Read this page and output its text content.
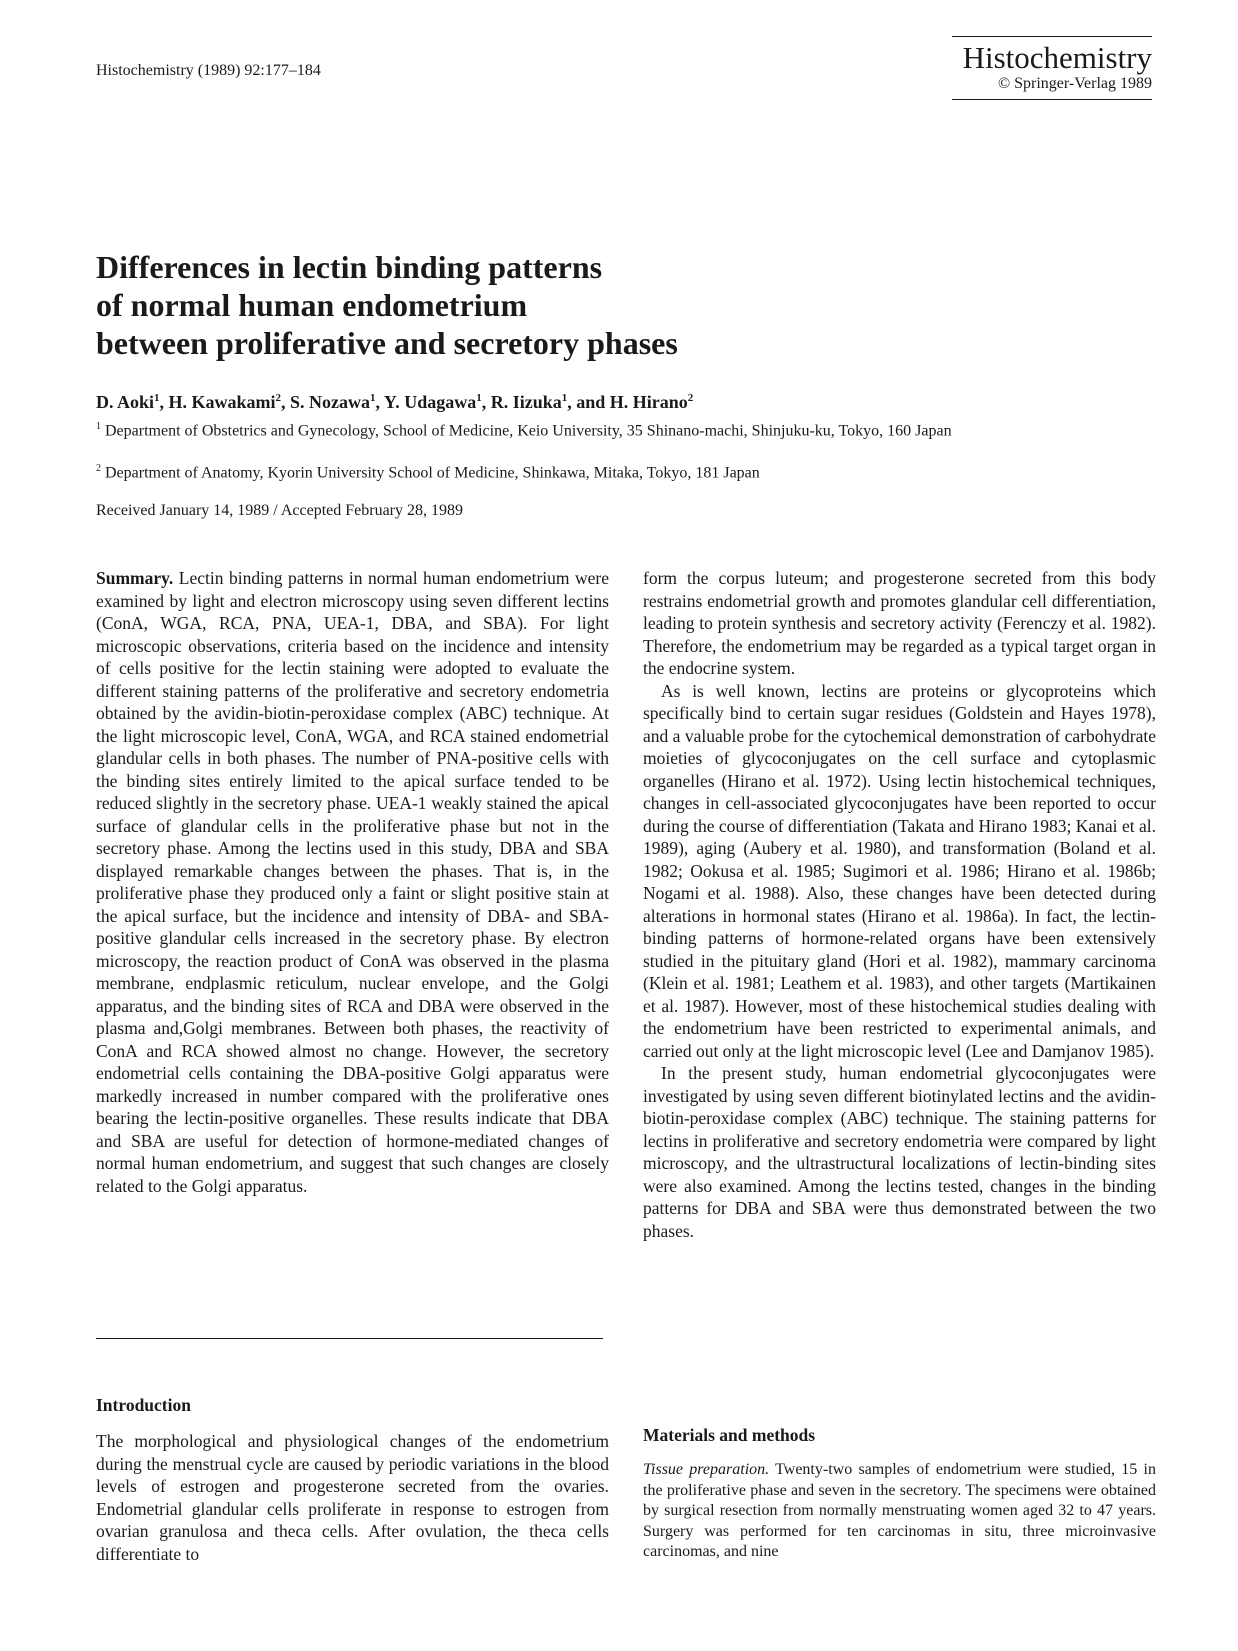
Histochemistry (1989) 92:177–184	Histochemistry
© Springer-Verlag 1989
Differences in lectin binding patterns
of normal human endometrium
between proliferative and secretory phases
D. Aoki$^1$, H. Kawakami$^2$, S. Nozawa$^1$, Y. Udagawa$^1$, R. Iizuka$^1$, and H. Hirano$^2$
$^1$ Department of Obstetrics and Gynecology, School of Medicine, Keio University, 35 Shinano-machi, Shinjuku-ku, Tokyo, 160 Japan
$^2$ Department of Anatomy, Kyorin University School of Medicine, Shinkawa, Mitaka, Tokyo, 181 Japan
Received January 14, 1989 / Accepted February 28, 1989

Summary. Lectin binding patterns in normal human endometrium were examined by light and electron microscopy using seven different lectins (ConA, WGA, RCA, PNA, UEA-1, DBA, and SBA). For light microscopic observations, criteria based on the incidence and intensity of cells positive for the lectin staining were adopted to evaluate the different staining patterns of the proliferative and secretory endometria obtained by the avidin-biotin-peroxidase complex (ABC) technique. At the light microscopic level, ConA, WGA, and RCA stained endometrial glandular cells in both phases. The number of PNA-positive cells with the binding sites entirely limited to the apical surface tended to be reduced slightly in the secretory phase. UEA-1 weakly stained the apical surface of glandular cells in the proliferative phase but not in the secretory phase. Among the lectins used in this study, DBA and SBA displayed remarkable changes between the phases. That is, in the proliferative phase they produced only a faint or slight positive stain at the apical surface, but the incidence and intensity of DBA- and SBA-positive glandular cells increased in the secretory phase. By electron microscopy, the reaction product of ConA was observed in the plasma membrane, endplasmic reticulum, nuclear envelope, and the Golgi apparatus, and the binding sites of RCA and DBA were observed in the plasma and,Golgi membranes. Between both phases, the reactivity of ConA and RCA showed almost no change. However, the secretory endometrial cells containing the DBA-positive Golgi apparatus were markedly increased in number compared with the proliferative ones bearing the lectin-positive organelles. These results indicate that DBA and SBA are useful for detection of hormone-mediated changes of normal human endometrium, and suggest that such changes are closely related to the Golgi apparatus.

Introduction

The morphological and physiological changes of the endometrium during the menstrual cycle are caused by periodic variations in the blood levels of estrogen and progesterone secreted from the ovaries. Endometrial glandular cells proliferate in response to estrogen from ovarian granulosa and theca cells. After ovulation, the theca cells differentiate to

form the corpus luteum; and progesterone secreted from this body restrains endometrial growth and promotes glandular cell differentiation, leading to protein synthesis and secretory activity (Ferenczy et al. 1982). Therefore, the endometrium may be regarded as a typical target organ in the endocrine system.

As is well known, lectins are proteins or glycoproteins which specifically bind to certain sugar residues (Goldstein and Hayes 1978), and a valuable probe for the cytochemical demonstration of carbohydrate moieties of glycoconjugates on the cell surface and cytoplasmic organelles (Hirano et al. 1972). Using lectin histochemical techniques, changes in cell-associated glycoconjugates have been reported to occur during the course of differentiation (Takata and Hirano 1983; Kanai et al. 1989), aging (Aubery et al. 1980), and transformation (Boland et al. 1982; Ookusa et al. 1985; Sugimori et al. 1986; Hirano et al. 1986b; Nogami et al. 1988). Also, these changes have been detected during alterations in hormonal states (Hirano et al. 1986a). In fact, the lectin-binding patterns of hormone-related organs have been extensively studied in the pituitary gland (Hori et al. 1982), mammary carcinoma (Klein et al. 1981; Leathem et al. 1983), and other targets (Martikainen et al. 1987). However, most of these histochemical studies dealing with the endometrium have been restricted to experimental animals, and carried out only at the light microscopic level (Lee and Damjanov 1985).

In the present study, human endometrial glycoconjugates were investigated by using seven different biotinylated lectins and the avidin-biotin-peroxidase complex (ABC) technique. The staining patterns for lectins in proliferative and secretory endometria were compared by light microscopy, and the ultrastructural localizations of lectin-binding sites were also examined. Among the lectins tested, changes in the binding patterns for DBA and SBA were thus demonstrated between the two phases.

Materials and methods

Tissue preparation. Twenty-two samples of endometrium were studied, 15 in the proliferative phase and seven in the secretory. The specimens were obtained by surgical resection from normally menstruating women aged 32 to 47 years. Surgery was performed for ten carcinomas in situ, three microinvasive carcinomas, and nine
